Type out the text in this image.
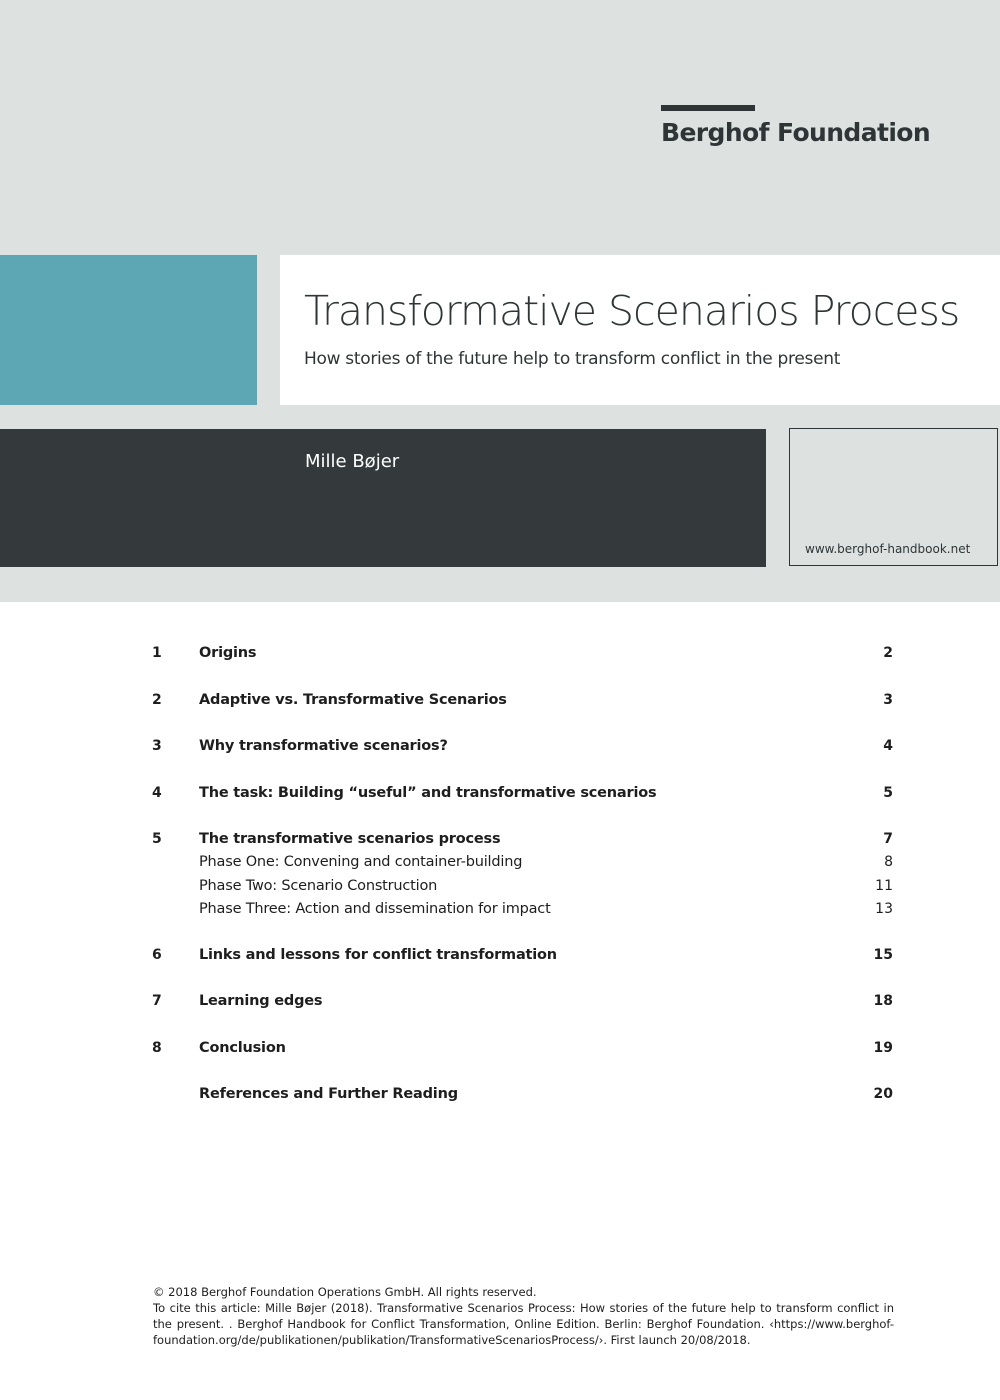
Berghof Foundation
Transformative Scenarios Process
How stories of the future help to transform conflict in the present
Mille Bøjer
www.berghof-handbook.net
1	Origins	2
2	Adaptive vs. Transformative Scenarios	3
3	Why transformative scenarios?	4
4	The task: Building “useful” and transformative scenarios	5
5	The transformative scenarios process	7
Phase One: Convening and container-building	8
Phase Two: Scenario Construction	11
Phase Three: Action and dissemination for impact	13
6	Links and lessons for conflict transformation	15
7	Learning edges	18
8	Conclusion	19
References and Further Reading	20

© 2018 Berghof Foundation Operations GmbH. All rights reserved.

To cite this article: Mille Bøjer (2018). Transformative Scenarios Process: How stories of the future help to transform conflict in the present. . Berghof Handbook for Conflict Transformation, Online Edition. Berlin: Berghof Foundation. ‹https://www.berghof-foundation.org/de/publikationen/publikation/TransformativeScenariosProcess/›. First launch 20/08/2018.
